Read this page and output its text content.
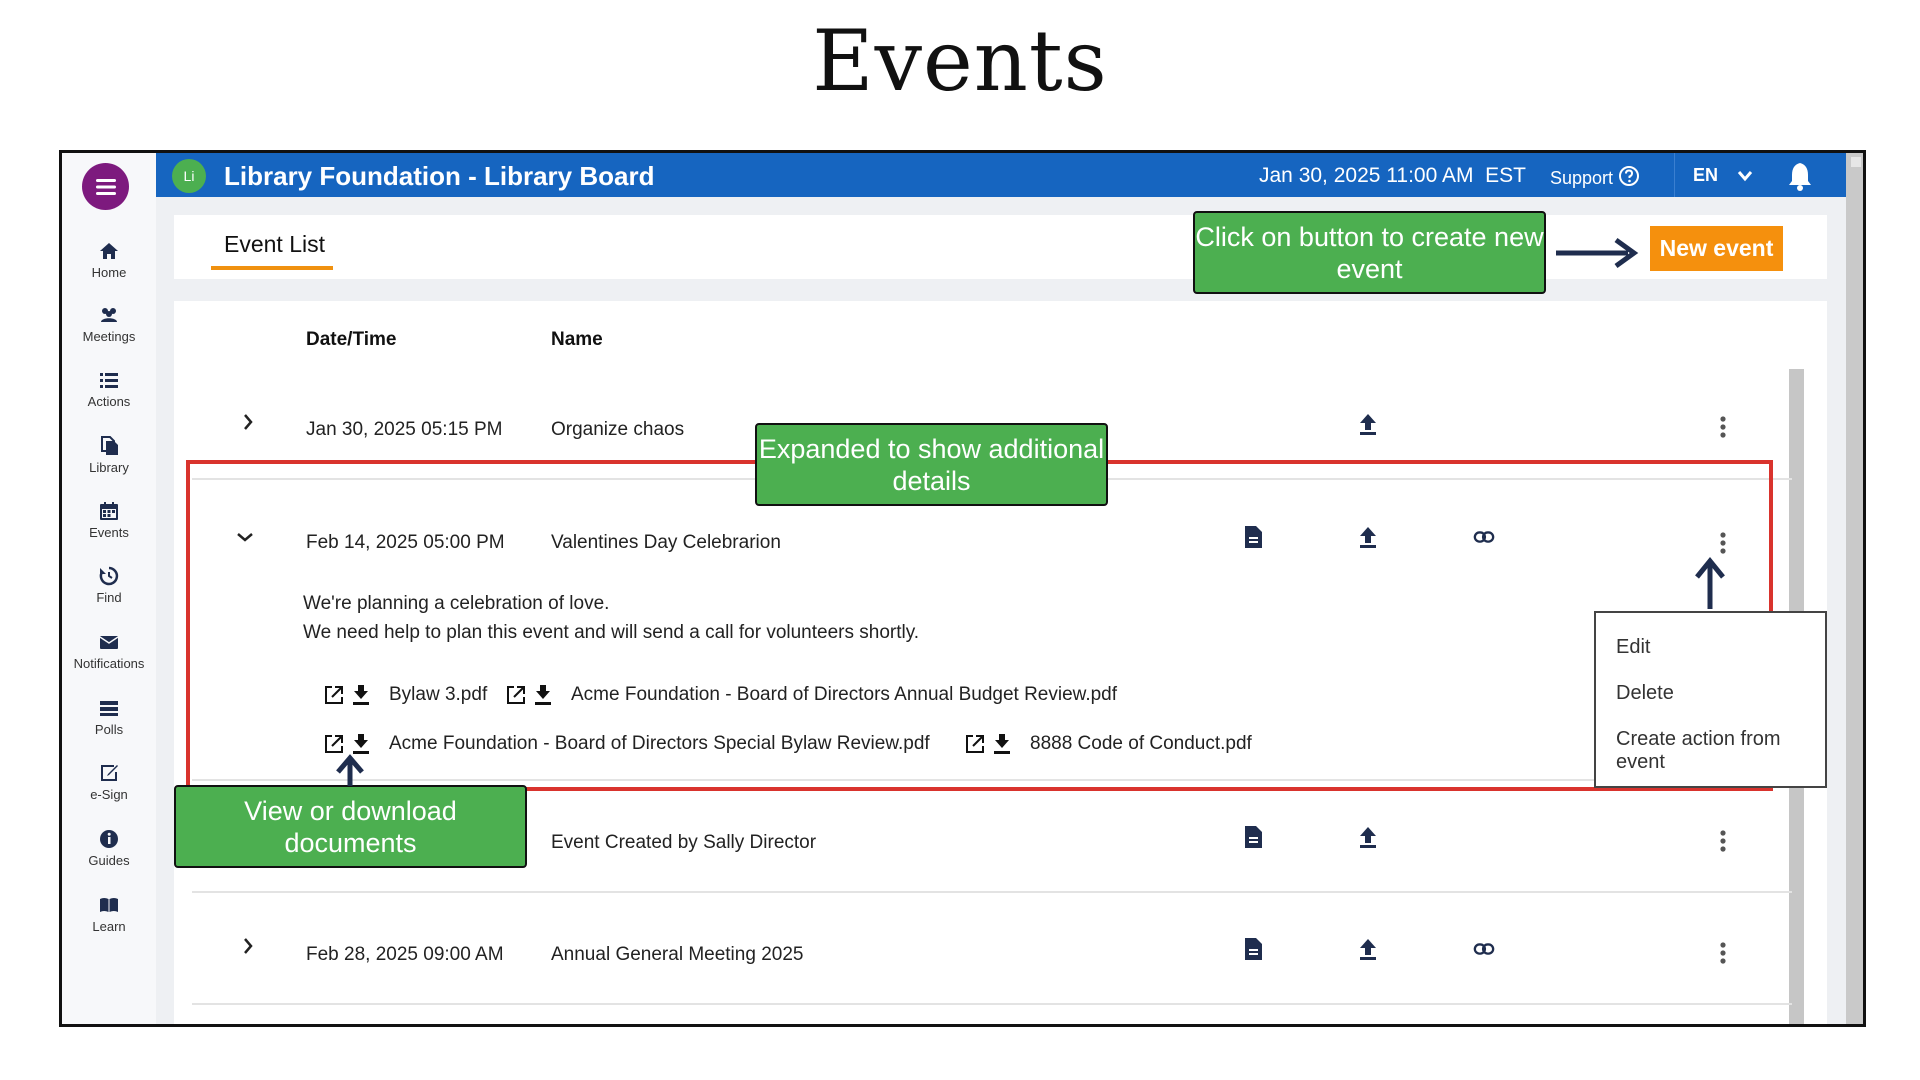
Events
Home
Meetings
Actions
Library
Events
Find
Notifications
Polls
e-Sign
Guides
Learn
Li	Library Foundation - Library Board	Jan 30, 2025 11:00 AM  EST Support	EN
Event List	New event
Date/Time	Name
Jan 30, 2025 05:15 PM	Organize chaos
Feb 14, 2025 05:00 PM Valentines Day Celebrarion
We're planning a celebration of love.
We need help to plan this event and will send a call for volunteers shortly.
Bylaw 3.pdf	Acme Foundation - Board of Directors Annual Budget Review.pdf
Acme Foundation - Board of Directors Special Bylaw Review.pdf	8888 Code of Conduct.pdf
Event Created by Sally Director
Feb 28, 2025 09:00 AM Annual General Meeting 2025
Edit
Delete
Create action from event
Click on button to create new event
Expanded to show additional details
View or download documents
